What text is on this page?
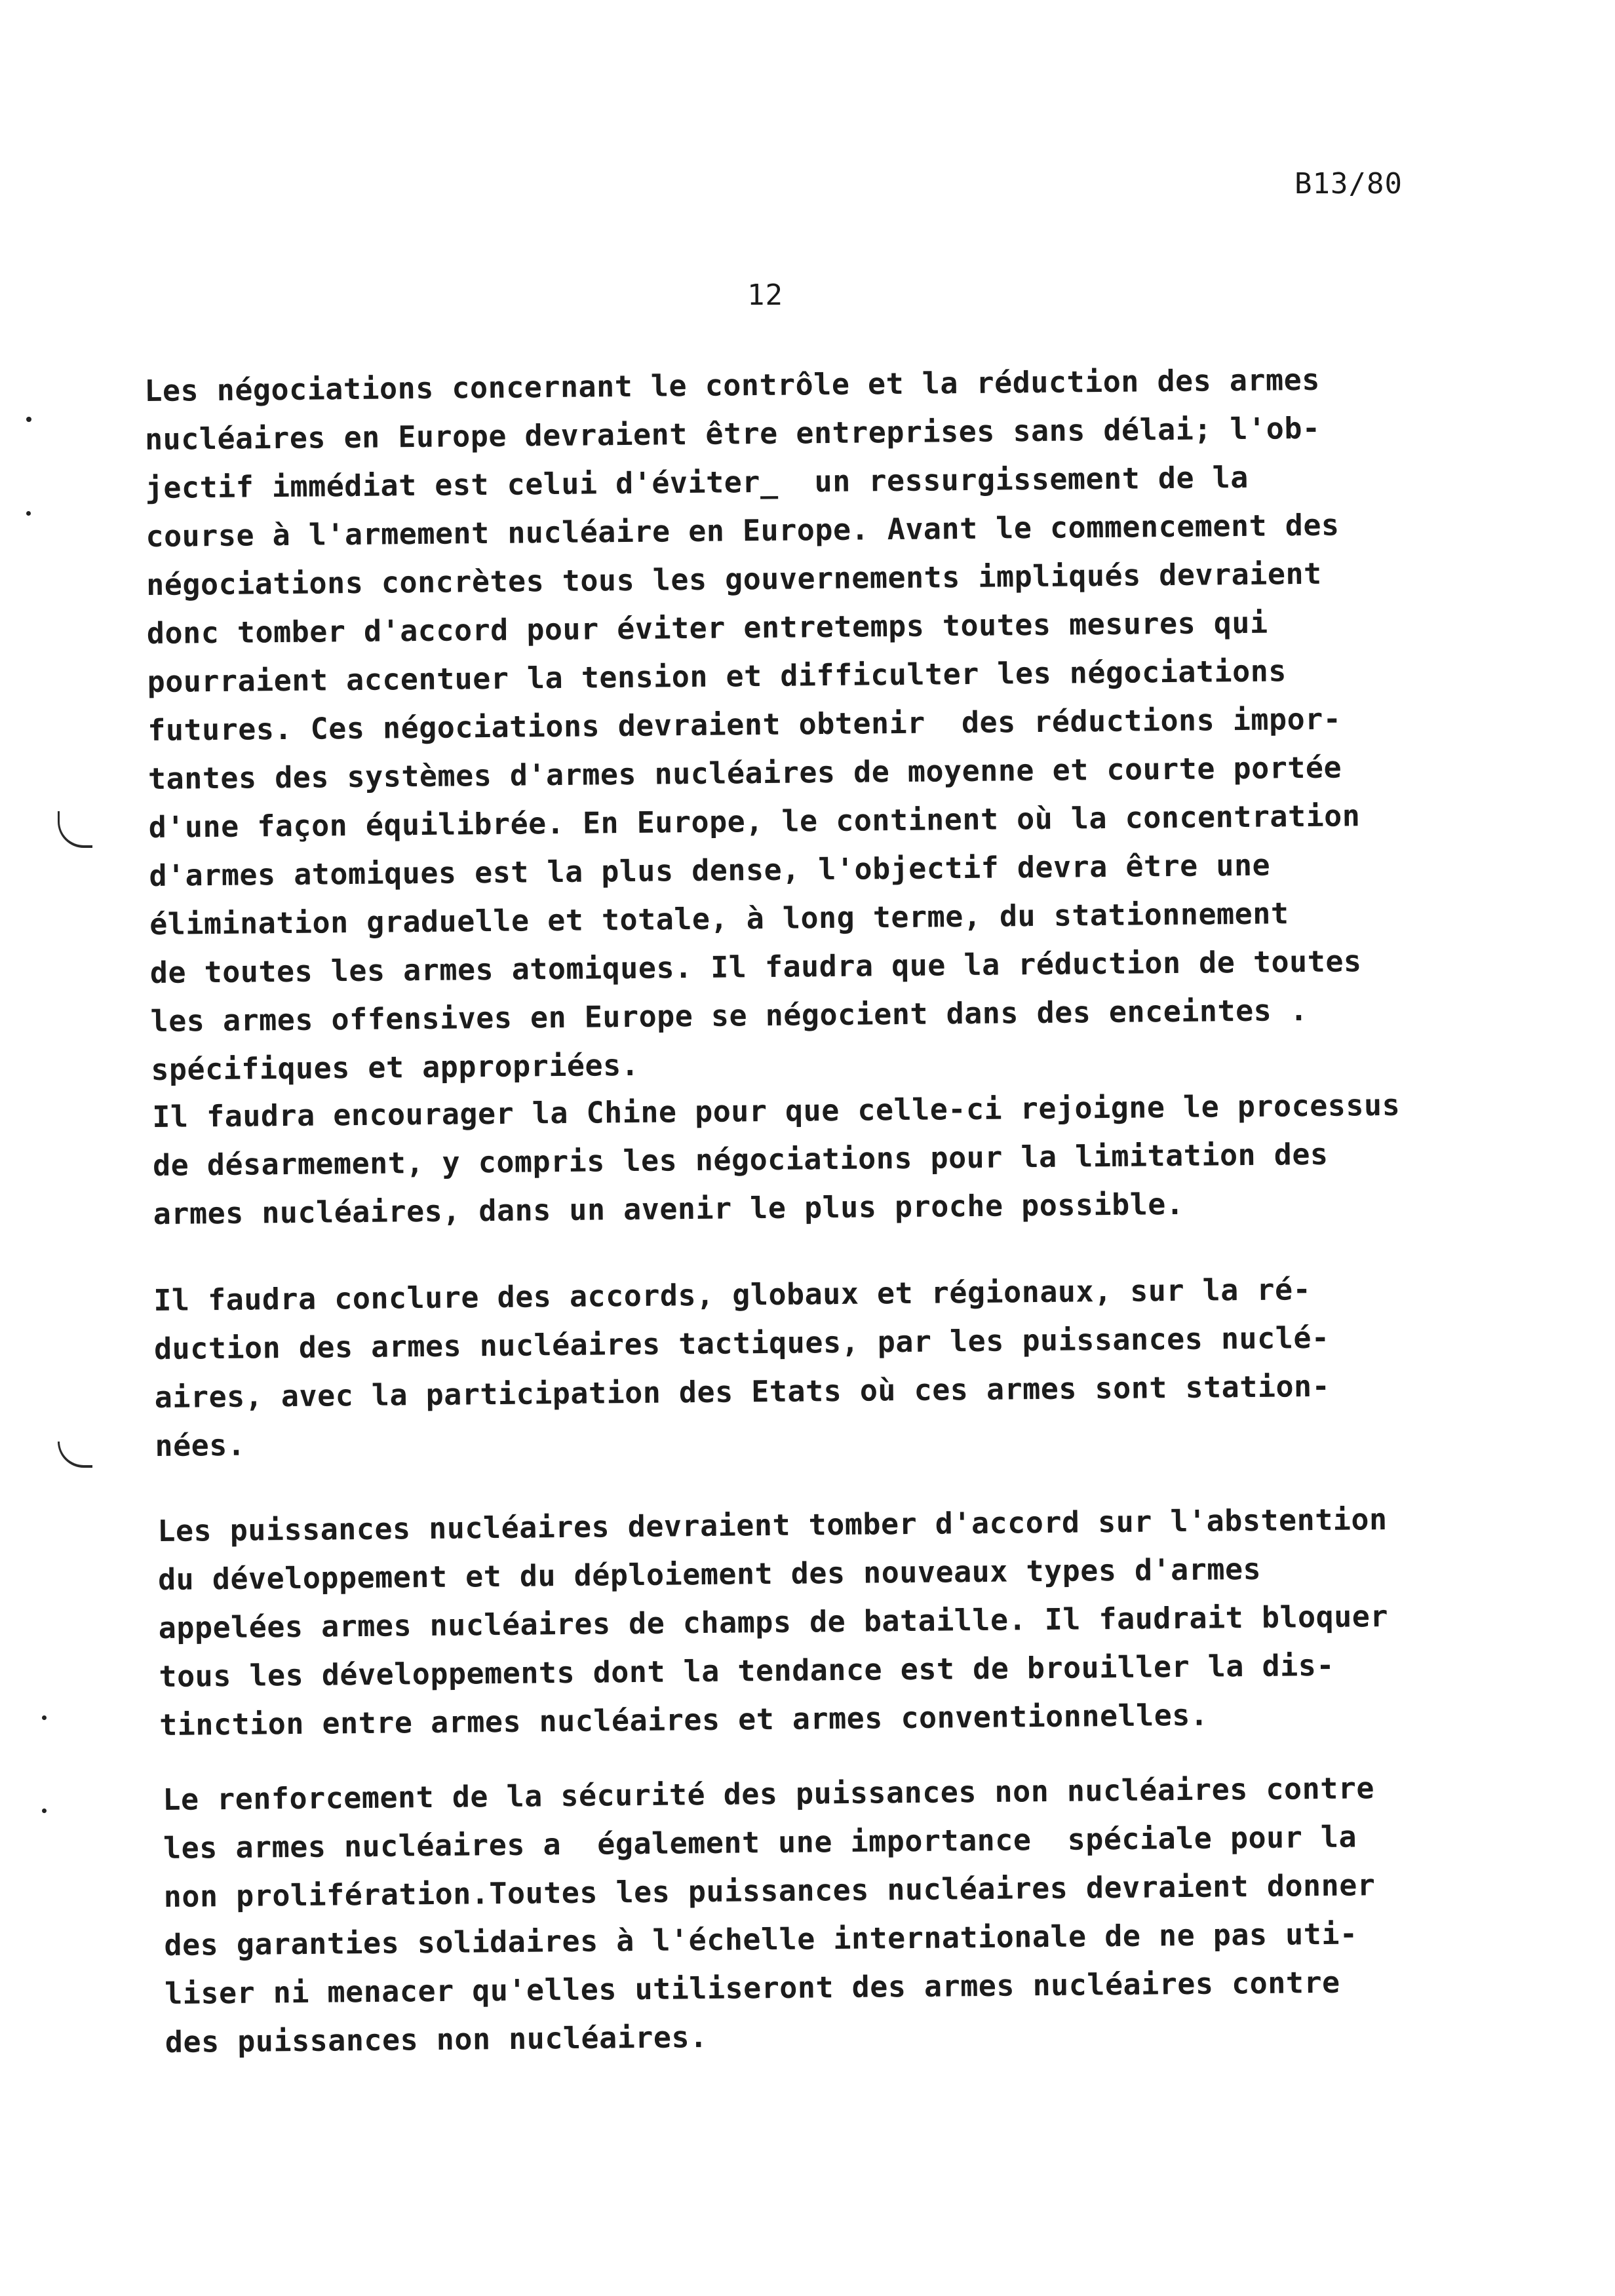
B13/80
12
Les négociations concernant le contrôle et la réduction des armes
nucléaires en Europe devraient être entreprises sans délai; l'ob-
jectif immédiat est celui d'éviter_  un ressurgissement de la
course à l'armement nucléaire en Europe. Avant le commencement des
négociations concrètes tous les gouvernements impliqués devraient
donc tomber d'accord pour éviter entretemps toutes mesures qui
pourraient accentuer la tension et difficulter les négociations
futures. Ces négociations devraient obtenir  des réductions impor-
tantes des systèmes d'armes nucléaires de moyenne et courte portée
d'une façon équilibrée. En Europe, le continent où la concentration
d'armes atomiques est la plus dense, l'objectif devra être une
élimination graduelle et totale, à long terme, du stationnement
de toutes les armes atomiques. Il faudra que la réduction de toutes
les armes offensives en Europe se négocient dans des enceintes .
spécifiques et appropriées.
Il faudra encourager la Chine pour que celle-ci rejoigne le processus
de désarmement, y compris les négociations pour la limitation des
armes nucléaires, dans un avenir le plus proche possible.
Il faudra conclure des accords, globaux et régionaux, sur la ré-
duction des armes nucléaires tactiques, par les puissances nuclé-
aires, avec la participation des Etats où ces armes sont station-
nées.
Les puissances nucléaires devraient tomber d'accord sur l'abstention
du développement et du déploiement des nouveaux types d'armes
appelées armes nucléaires de champs de bataille. Il faudrait bloquer
tous les développements dont la tendance est de brouiller la dis-
tinction entre armes nucléaires et armes conventionnelles.
Le renforcement de la sécurité des puissances non nucléaires contre
les armes nucléaires a  également une importance  spéciale pour la
non prolifération.Toutes les puissances nucléaires devraient donner
des garanties solidaires à l'échelle internationale de ne pas uti-
liser ni menacer qu'elles utiliseront des armes nucléaires contre
des puissances non nucléaires.
